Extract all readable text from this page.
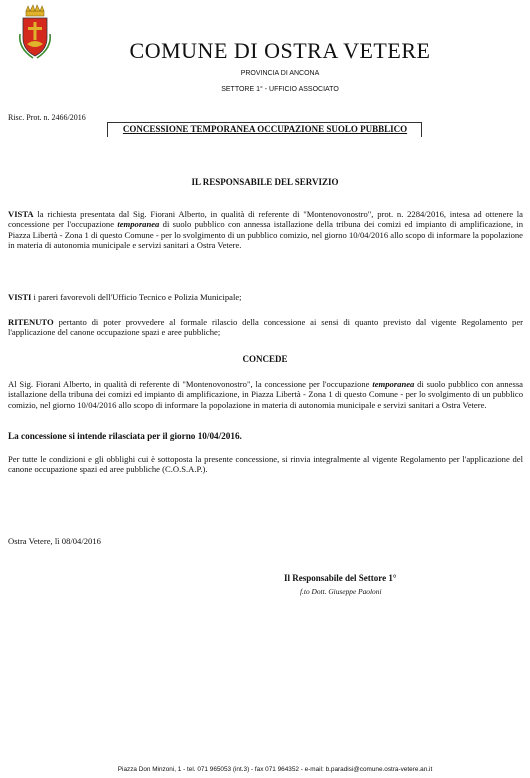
COMUNE DI OSTRA VETERE
PROVINCIA DI ANCONA
SETTORE 1° - UFFICIO ASSOCIATO
Risc. Prot. n. 2466/2016
CONCESSIONE TEMPORANEA OCCUPAZIONE SUOLO PUBBLICO
IL RESPONSABILE DEL SERVIZIO
VISTA la richiesta presentata dal Sig. Fiorani Alberto, in qualità di referente di "Montenovonostro", prot. n. 2284/2016, intesa ad ottenere la concessione per l'occupazione temporanea di suolo pubblico con annessa istallazione della tribuna dei comizi ed impianto di amplificazione, in Piazza Libertà - Zona 1 di questo Comune - per lo svolgimento di un pubblico comizio, nel giorno 10/04/2016 allo scopo di informare la popolazione in materia di autonomia municipale e servizi sanitari a Ostra Vetere.
VISTI i pareri favorevoli dell'Ufficio Tecnico e Polizia Municipale;
RITENUTO pertanto di poter provvedere al formale rilascio della concessione ai sensi di quanto previsto dal vigente Regolamento per l'applicazione del canone occupazione spazi e aree pubbliche;
CONCEDE
Al Sig. Fiorani Alberto, in qualità di referente di "Montenovonostro", la concessione per l'occupazione temporanea di suolo pubblico con annessa istallazione della tribuna dei comizi ed impianto di amplificazione, in Piazza Libertà - Zona 1 di questo Comune - per lo svolgimento di un pubblico comizio, nel giorno 10/04/2016 allo scopo di informare la popolazione in materia di autonomia municipale e servizi sanitari a Ostra Vetere.
La concessione si intende rilasciata per il giorno 10/04/2016.
Per tutte le condizioni e gli obblighi cui è sottoposta la presente concessione, si rinvia integralmente al vigente Regolamento per l'applicazione del canone occupazione spazi ed aree pubbliche (C.O.S.A.P.).
Ostra Vetere, lì 08/04/2016
Il Responsabile del Settore 1°
f.to Dott. Giuseppe Paoloni
Piazza Don Minzoni, 1 - tel. 071 965053 (int.3) - fax 071 964352 - e-mail: b.paradisi@comune.ostra-vetere.an.it
